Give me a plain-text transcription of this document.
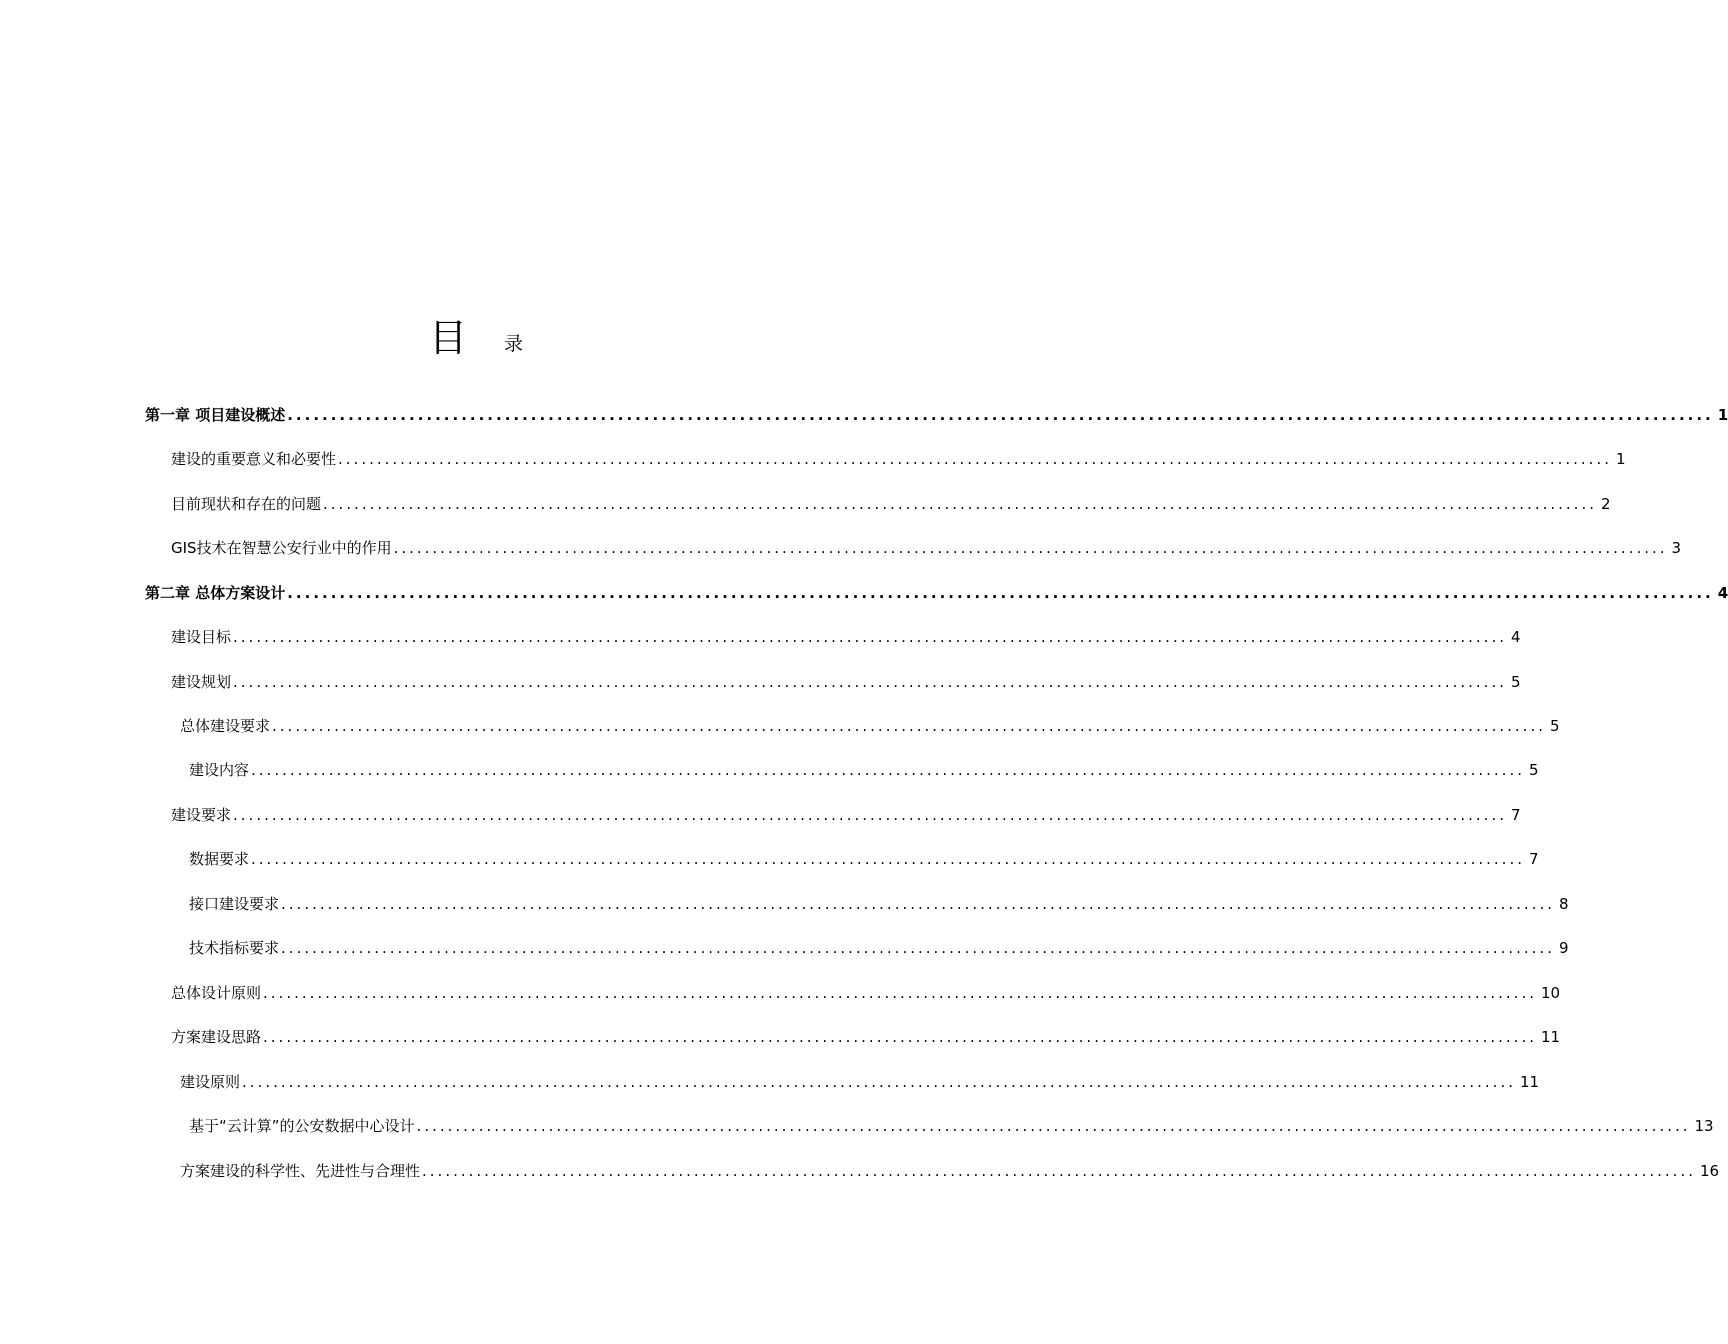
目 录
第一章 项目建设概述 .................................................................................................................................................................... 1
建设的重要意义和必要性 .................................................................................................................................................................... 1
目前现状和存在的问题 .................................................................................................................................................................... 2
GIS技术在智慧公安行业中的作用 .................................................................................................................................................................... 3
第二章 总体方案设计 .................................................................................................................................................................... 4
建设目标 .................................................................................................................................................................... 4
建设规划 .................................................................................................................................................................... 5
总体建设要求 .................................................................................................................................................................... 5
建设内容 .................................................................................................................................................................... 5
建设要求 .................................................................................................................................................................... 7
数据要求 .................................................................................................................................................................... 7
接口建设要求 .................................................................................................................................................................... 8
技术指标要求 .................................................................................................................................................................... 9
总体设计原则 .................................................................................................................................................................... 10
方案建设思路 .................................................................................................................................................................... 11
建设原则 .................................................................................................................................................................... 11
基于“云计算”的公安数据中心设计 .................................................................................................................................................................... 13
方案建设的科学性、先进性与合理性 .................................................................................................................................................................... 16
